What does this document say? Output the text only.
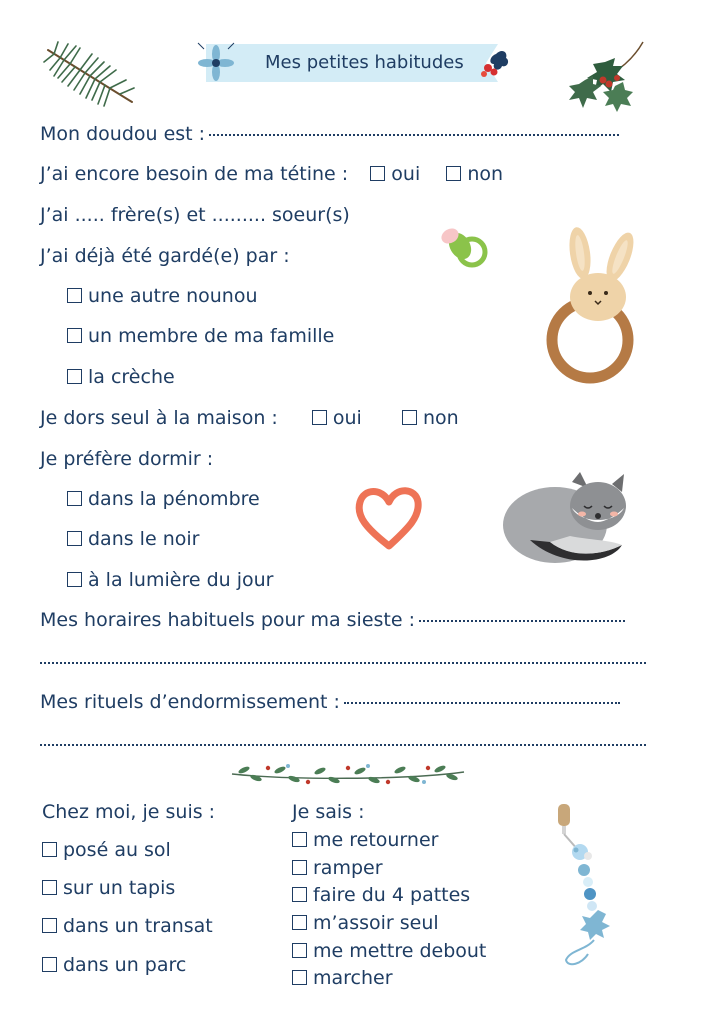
Mes petites habitudes
Mon doudou est :
J’ai encore besoin de ma tétine : oui non
J’ai ..... frère(s) et ......... soeur(s)
J’ai déjà été gardé(e) par :
une autre nounou
un membre de ma famille
la crèche
Je dors seul à la maison :	oui	non
Je préfère dormir :
dans la pénombre
dans le noir
à la lumière du jour
Mes horaires habituels pour ma sieste :
Mes rituels d’endormissement :
Chez moi, je suis :
posé au sol
sur un tapis
dans un transat
dans un parc
Je sais :
me retourner
ramper
faire du 4 pattes
m’assoir seul
me mettre debout
marcher
